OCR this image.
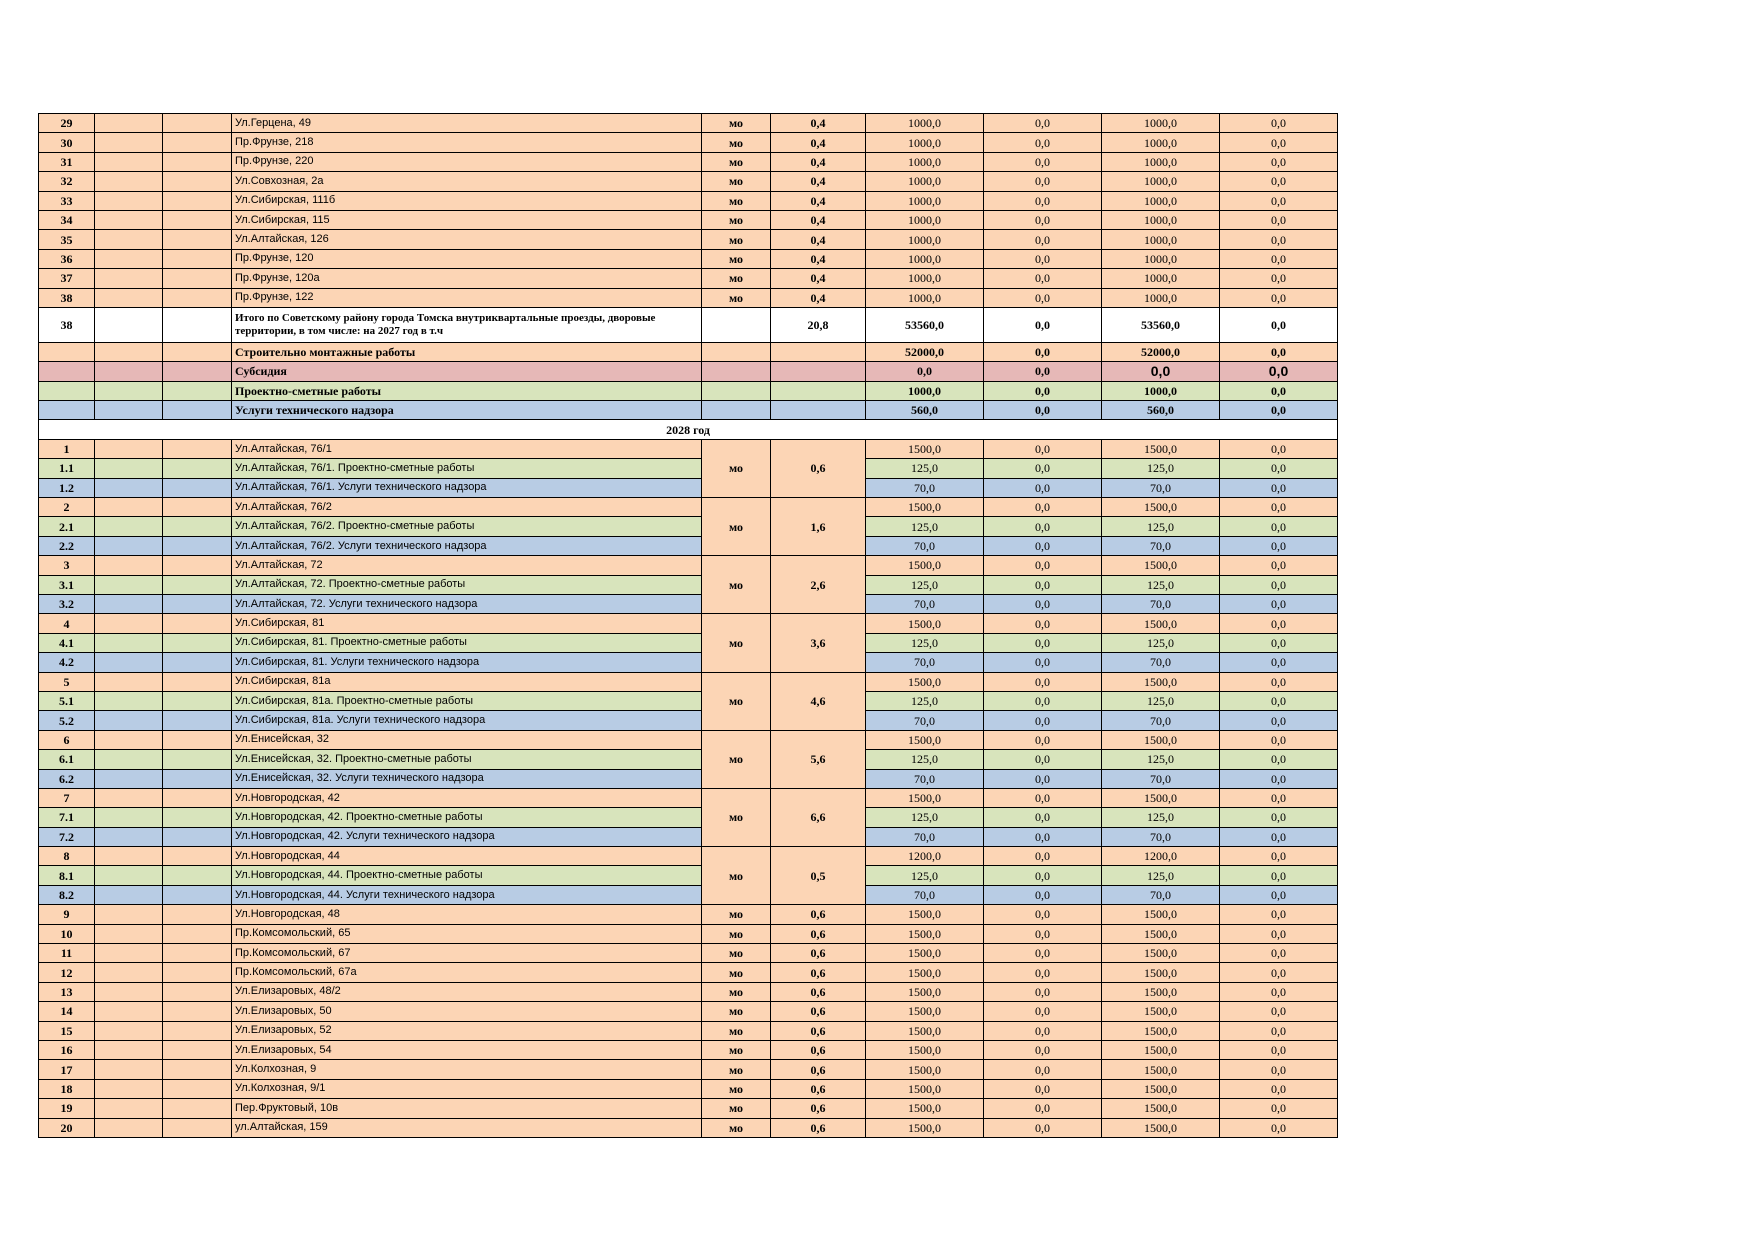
29			Ул.Герцена, 49	мо	0,4	1000,0	0,0	1000,0	0,0
30			Пр.Фрунзе, 218	мо	0,4	1000,0	0,0	1000,0	0,0
31			Пр.Фрунзе, 220	мо	0,4	1000,0	0,0	1000,0	0,0
32			Ул.Совхозная, 2а	мо	0,4	1000,0	0,0	1000,0	0,0
33			Ул.Сибирская, 111б	мо	0,4	1000,0	0,0	1000,0	0,0
34			Ул.Сибирская, 115	мо	0,4	1000,0	0,0	1000,0	0,0
35			Ул.Алтайская, 126	мо	0,4	1000,0	0,0	1000,0	0,0
36			Пр.Фрунзе, 120	мо	0,4	1000,0	0,0	1000,0	0,0
37			Пр.Фрунзе, 120а	мо	0,4	1000,0	0,0	1000,0	0,0
38			Пр.Фрунзе, 122	мо	0,4	1000,0	0,0	1000,0	0,0
38			Итого по Советскому району города Томска внутриквартальные проезды, дворовые территории, в том числе: на 2027 год в т.ч		20,8	53560,0	0,0	53560,0	0,0
			Строительно монтажные работы			52000,0	0,0	52000,0	0,0
			Субсидия			0,0	0,0	0,0	0,0
			Проектно-сметные работы			1000,0	0,0	1000,0	0,0
			Услуги технического надзора			560,0	0,0	560,0	0,0
2028 год									
1			Ул.Алтайская, 76/1	мо	0,6	1500,0	0,0	1500,0	0,0
1.1			Ул.Алтайская, 76/1. Проектно-сметные работы			125,0	0,0	125,0	0,0
1.2			Ул.Алтайская, 76/1. Услуги технического надзора			70,0	0,0	70,0	0,0
2			Ул.Алтайская, 76/2	мо	1,6	1500,0	0,0	1500,0	0,0
2.1			Ул.Алтайская, 76/2. Проектно-сметные работы			125,0	0,0	125,0	0,0
2.2			Ул.Алтайская, 76/2. Услуги технического надзора			70,0	0,0	70,0	0,0
3			Ул.Алтайская, 72	мо	2,6	1500,0	0,0	1500,0	0,0
3.1			Ул.Алтайская, 72. Проектно-сметные работы			125,0	0,0	125,0	0,0
3.2			Ул.Алтайская, 72. Услуги технического надзора			70,0	0,0	70,0	0,0
4			Ул.Сибирская, 81	мо	3,6	1500,0	0,0	1500,0	0,0
4.1			Ул.Сибирская, 81. Проектно-сметные работы			125,0	0,0	125,0	0,0
4.2			Ул.Сибирская, 81. Услуги технического надзора			70,0	0,0	70,0	0,0
5			Ул.Сибирская, 81а	мо	4,6	1500,0	0,0	1500,0	0,0
5.1			Ул.Сибирская, 81а. Проектно-сметные работы			125,0	0,0	125,0	0,0
5.2			Ул.Сибирская, 81а. Услуги технического надзора			70,0	0,0	70,0	0,0
6			Ул.Енисейская, 32	мо	5,6	1500,0	0,0	1500,0	0,0
6.1			Ул.Енисейская, 32. Проектно-сметные работы			125,0	0,0	125,0	0,0
6.2			Ул.Енисейская, 32. Услуги технического надзора			70,0	0,0	70,0	0,0
7			Ул.Новгородская, 42	мо	6,6	1500,0	0,0	1500,0	0,0
7.1			Ул.Новгородская, 42. Проектно-сметные работы			125,0	0,0	125,0	0,0
7.2			Ул.Новгородская, 42. Услуги технического надзора			70,0	0,0	70,0	0,0
8			Ул.Новгородская, 44	мо	0,5	1200,0	0,0	1200,0	0,0
8.1			Ул.Новгородская, 44. Проектно-сметные работы			125,0	0,0	125,0	0,0
8.2			Ул.Новгородская, 44. Услуги технического надзора			70,0	0,0	70,0	0,0
9			Ул.Новгородская, 48	мо	0,6	1500,0	0,0	1500,0	0,0
10			Пр.Комсомольский, 65	мо	0,6	1500,0	0,0	1500,0	0,0
11			Пр.Комсомольский, 67	мо	0,6	1500,0	0,0	1500,0	0,0
12			Пр.Комсомольский, 67а	мо	0,6	1500,0	0,0	1500,0	0,0
13			Ул.Елизаровых, 48/2	мо	0,6	1500,0	0,0	1500,0	0,0
14			Ул.Елизаровых, 50	мо	0,6	1500,0	0,0	1500,0	0,0
15			Ул.Елизаровых, 52	мо	0,6	1500,0	0,0	1500,0	0,0
16			Ул.Елизаровых, 54	мо	0,6	1500,0	0,0	1500,0	0,0
17			Ул.Колхозная, 9	мо	0,6	1500,0	0,0	1500,0	0,0
18			Ул.Колхозная, 9/1	мо	0,6	1500,0	0,0	1500,0	0,0
19			Пер.Фруктовый, 10в	мо	0,6	1500,0	0,0	1500,0	0,0
20			ул.Алтайская, 159	мо	0,6	1500,0	0,0	1500,0	0,0
